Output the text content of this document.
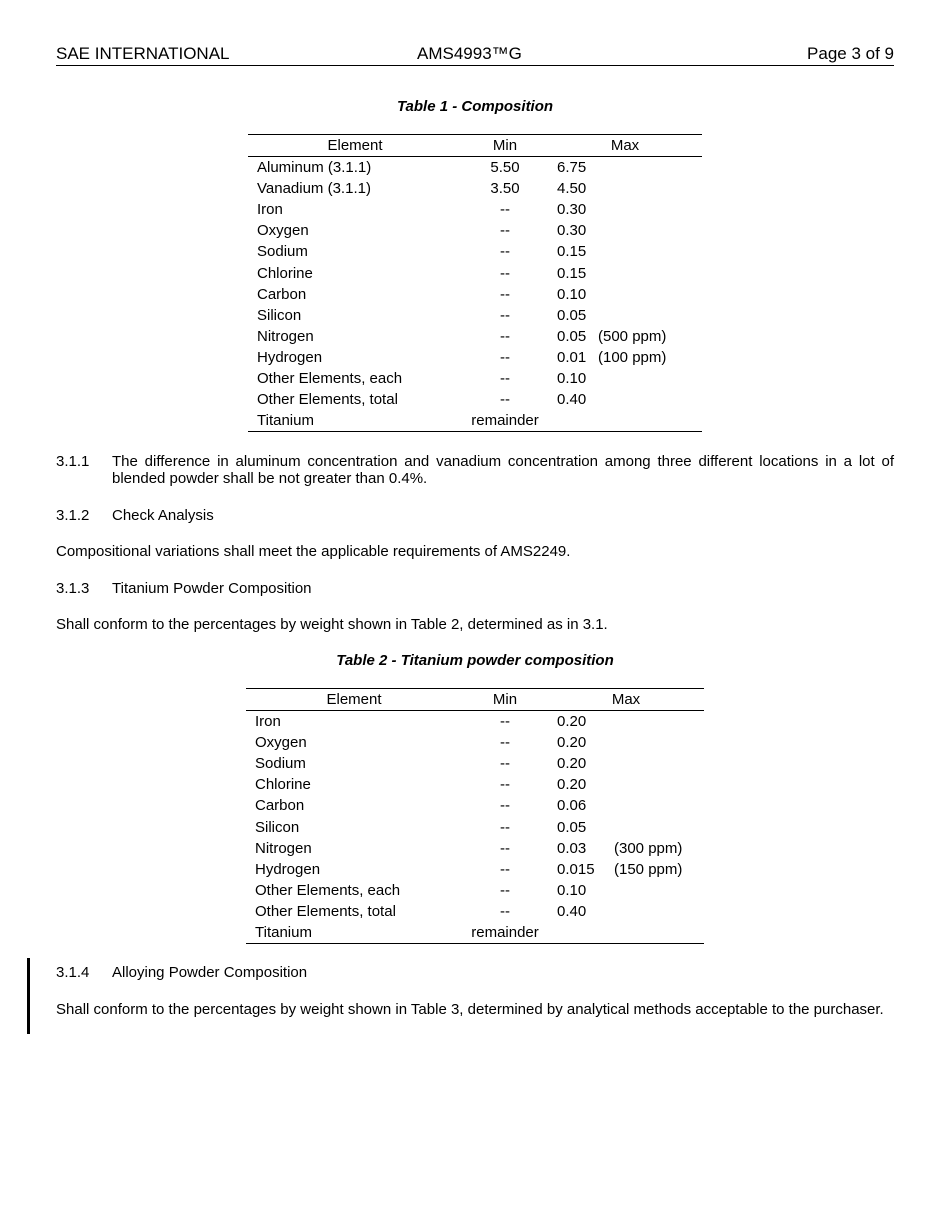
SAE INTERNATIONAL	AMS4993™G	Page 3 of 9
Table 1 - Composition
Element	Min	Max	
Aluminum (3.1.1)	5.50	6.75	
Vanadium (3.1.1)	3.50	4.50	
Iron	--	0.30	
Oxygen	--	0.30	
Sodium	--	0.15	
Chlorine	--	0.15	
Carbon	--	0.10	
Silicon	--	0.05	
Nitrogen	--	0.05	(500 ppm)
Hydrogen	--	0.01	(100 ppm)
Other Elements, each	--	0.10	
Other Elements, total	--	0.40	
Titanium	remainder		
3.1.1 The difference in aluminum concentration and vanadium concentration among three different locations in a lot of blended powder shall be not greater than 0.4%.
3.1.2 Check Analysis
Compositional variations shall meet the applicable requirements of AMS2249.
3.1.3 Titanium Powder Composition
Shall conform to the percentages by weight shown in Table 2, determined as in 3.1.
Table 2 - Titanium powder composition
Element	Min	Max	
Iron	--	0.20	
Oxygen	--	0.20	
Sodium	--	0.20	
Chlorine	--	0.20	
Carbon	--	0.06	
Silicon	--	0.05	
Nitrogen	--	0.03	(300 ppm)
Hydrogen	--	0.015	(150 ppm)
Other Elements, each	--	0.10	
Other Elements, total	--	0.40	
Titanium	remainder		
3.1.4 Alloying Powder Composition
Shall conform to the percentages by weight shown in Table 3, determined by analytical methods acceptable to the purchaser.
